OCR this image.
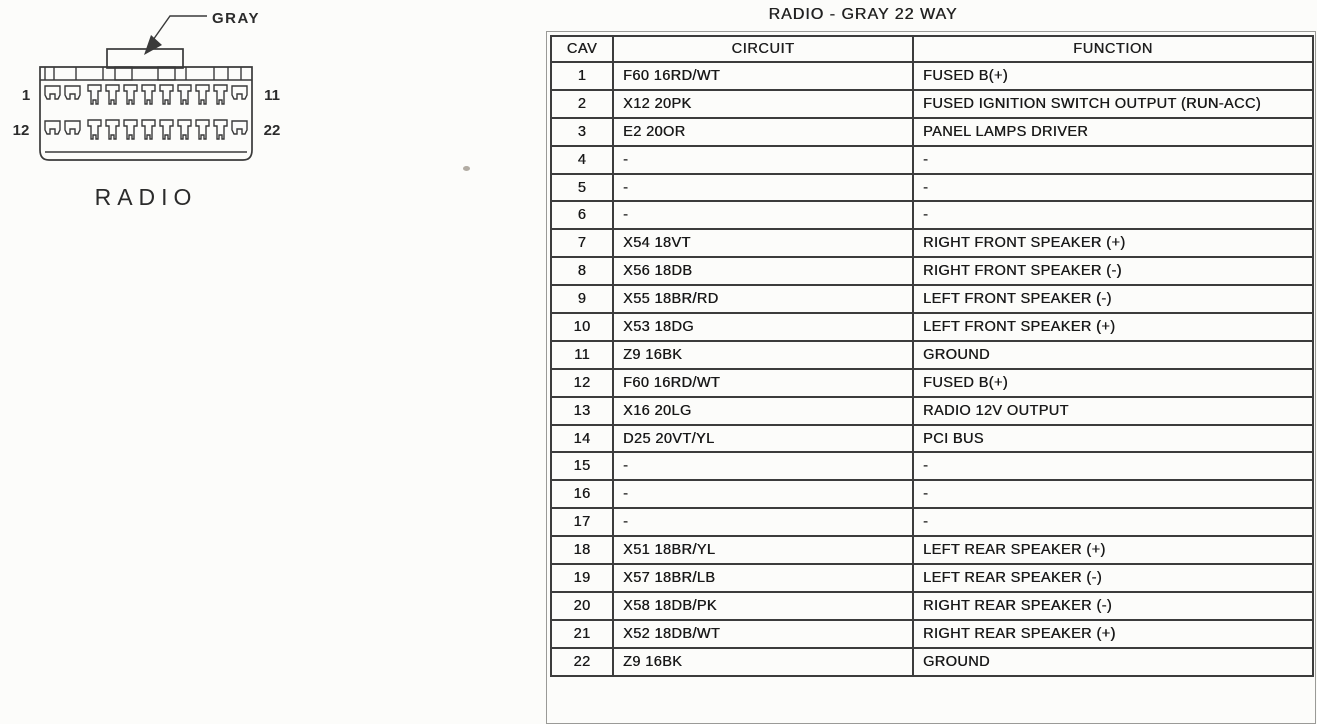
GRAY
1	11
12	22
RADIO
RADIO - GRAY 22 WAY
CAV	CIRCUIT	FUNCTION
1	F60 16RD/WT	FUSED B(+)
2	X12 20PK	FUSED IGNITION SWITCH OUTPUT (RUN-ACC)
3	E2 20OR	PANEL LAMPS DRIVER
4	-	-
5	-	-
6	-	-
7	X54 18VT	RIGHT FRONT SPEAKER (+)
8	X56 18DB	RIGHT FRONT SPEAKER (-)
9	X55 18BR/RD	LEFT FRONT SPEAKER (-)
10	X53 18DG	LEFT FRONT SPEAKER (+)
11	Z9 16BK	GROUND
12	F60 16RD/WT	FUSED B(+)
13	X16 20LG	RADIO 12V OUTPUT
14	D25 20VT/YL	PCI BUS
15	-	-
16	-	-
17	-	-
18	X51 18BR/YL	LEFT REAR SPEAKER (+)
19	X57 18BR/LB	LEFT REAR SPEAKER (-)
20	X58 18DB/PK	RIGHT REAR SPEAKER (-)
21	X52 18DB/WT	RIGHT REAR SPEAKER (+)
22	Z9 16BK	GROUND
